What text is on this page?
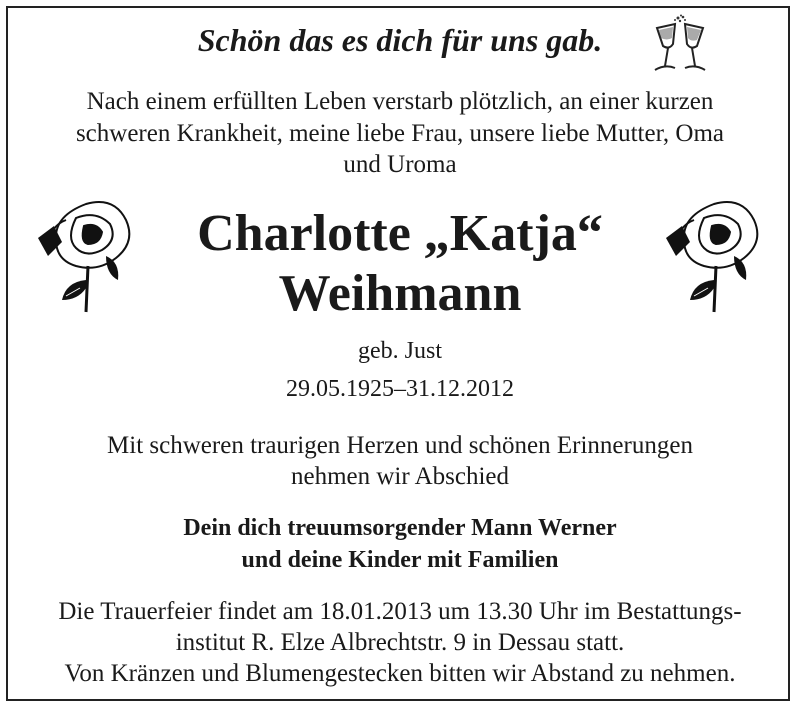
Schön das es dich für uns gab.
Nach einem erfüllten Leben verstarb plötzlich, an einer kurzen
schweren Krankheit, meine liebe Frau, unsere liebe Mutter, Oma
und Uroma
Charlotte „Katja“
Weihmann
geb. Just
29.05.1925–31.12.2012
Mit schweren traurigen Herzen und schönen Erinnerungen
nehmen wir Abschied
Dein dich treuumsorgender Mann Werner
und deine Kinder mit Familien
Die Trauerfeier findet am 18.01.2013 um 13.30 Uhr im Bestattungs-
institut R. Elze Albrechtstr. 9 in Dessau statt.
Von Kränzen und Blumengestecken bitten wir Abstand zu nehmen.
